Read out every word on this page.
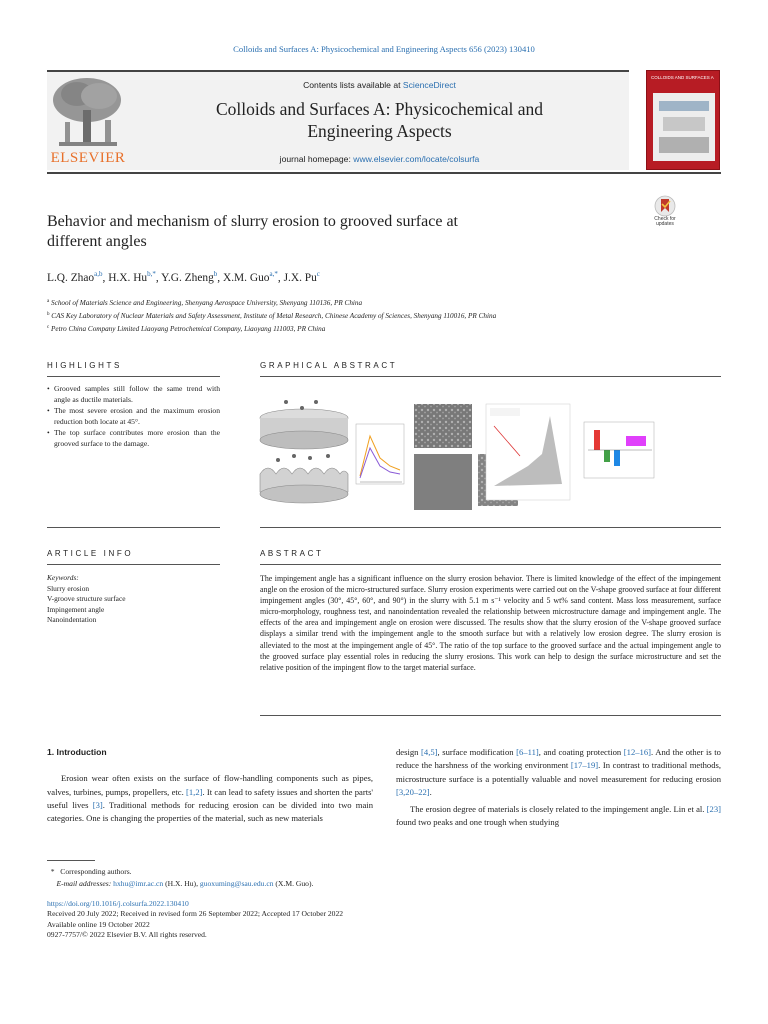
Colloids and Surfaces A: Physicochemical and Engineering Aspects 656 (2023) 130410
ELSEVIER
Contents lists available at ScienceDirect
Colloids and Surfaces A: Physicochemical and
Engineering Aspects
journal homepage: www.elsevier.com/locate/colsurfa
COLLOIDS AND SURFACES A
Behavior and mechanism of slurry erosion to grooved surface at
different angles
Check for updates
L.Q. Zhao$^{a,b}$, H.X. $Hu^{b,*}$, Y.G. Zheng$^b$, X.M. Guo$^{a,*}$, J.X. Pu$^c$
$^a$ School of Materials Science and Engineering, Shenyang Aerospace University, Shenyang 110136, PR China
$^b$ CAS Key Laboratory of Nuclear Materials and Safety Assessment, Institute of Metal Research, Chinese Academy of Sciences, Shenyang 110016, PR China
$^c$ Petro China Company Limited Liaoyang Petrochemical Company, Liaoyang 111003, PR China
HIGHLIGHTS
• Grooved samples still follow the same trend with angle as ductile materials.
• The most severe erosion and the maximum erosion reduction both locate at 45°.
• The top surface contributes more erosion than the grooved surface to the damage.
GRAPHICAL ABSTRACT
ARTICLE INFO
Keywords:
Slurry erosion
V-groove structure surface
Impingement angle
Nanoindentation
ABSTRACT
The impingement angle has a significant influence on the slurry erosion behavior. There is limited knowledge of the effect of the impingement angle on the erosion of the micro-structured surface. Slurry erosion experiments were carried out on the V-shape grooved surface at four different impingement angles (30°, 45°, 60°, and 90°) in the slurry with 5.1 m s⁻¹ velocity and 5 wt% sand content. Mass loss measurement, surface micro-morphology, roughness test, and nanoindentation revealed the relationship between microstructure damage and impingement angle. The effects of the area and impingement angle on erosion were discussed. The results show that the slurry erosion of the V-shape grooved surface displays a similar trend with the impingement angle to the smooth surface but with a relatively low erosion degree. The slurry erosion is alleviated to the most at the impingement angle of 45°. The ratio of the top surface to the grooved surface and the actual impingement angle to the grooved surface play essential roles in reducing the slurry erosions. This work can help to design the surface microstructure and set the relative position of the impingent flow to the target material surface.
1. Introduction

Erosion wear often exists on the surface of flow-handling components such as pipes, valves, turbines, pumps, propellers, etc. [1,2]. It can lead to safety issues and shorten the parts' useful lives [3]. Traditional methods for reducing erosion can be divided into two main categories. One is changing the properties of the material, such as new materials

design [4,5], surface modification [6–11], and coating protection [12–16]. And the other is to reduce the harshness of the working environment [17–19]. In contrast to traditional methods, microstructure surface is a potentially valuable and novel measurement for reducing erosion [3,20–22].

The erosion degree of materials is closely related to the impingement angle. Lin et al. [23] found two peaks and one trough when studying

* Corresponding authors.
E-mail addresses: hxhu@imr.ac.cn (H.X. Hu), guoxuming@sau.edu.cn (X.M. Guo).
https://doi.org/10.1016/j.colsurfa.2022.130410
Received 20 July 2022; Received in revised form 26 September 2022; Accepted 17 October 2022
Available online 19 October 2022
0927-7757/© 2022 Elsevier B.V. All rights reserved.
